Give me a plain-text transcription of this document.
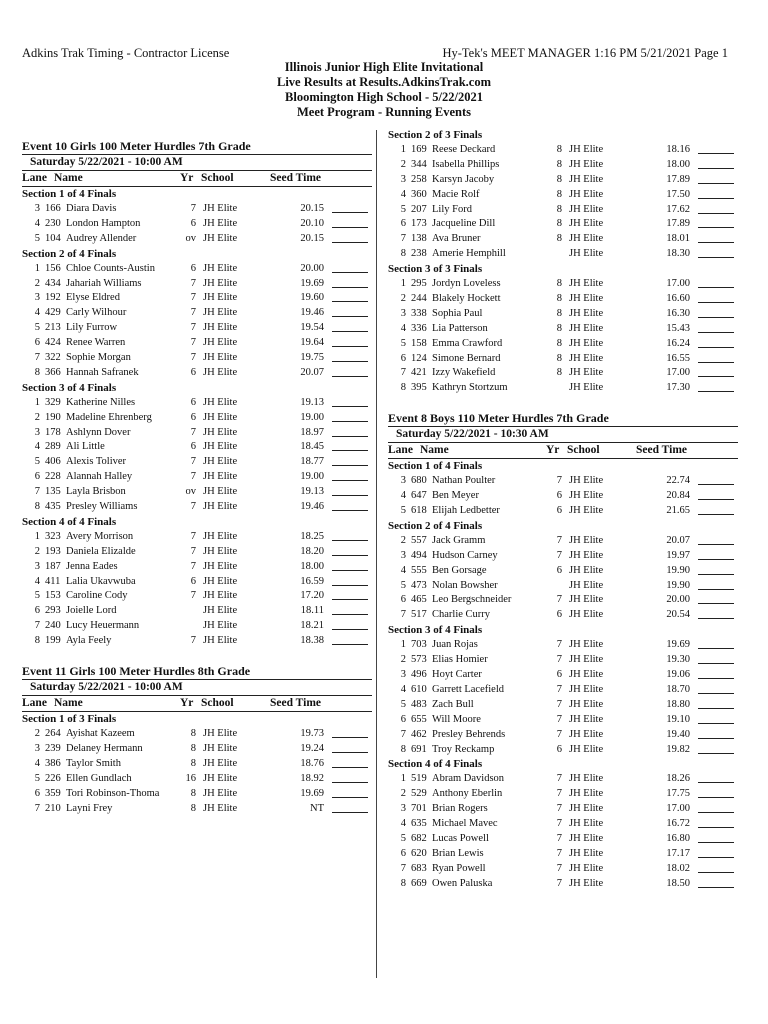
Adkins Trak Timing - Contractor License	Hy-Tek's MEET MANAGER 1:16 PM 5/21/2021 Page 1
Illinois Junior High Elite Invitational
Live Results at Results.AdkinsTrak.com
Bloomington High School - 5/22/2021
Meet Program - Running Events
Event 10 Girls 100 Meter Hurdles 7th Grade
Saturday 5/22/2021 - 10:00 AM
Lane Name	Yr School	Seed Time
Section 1 of 4 Finals
3 166 Diara Davis	7 JH Elite	20.15
4 230 London Hampton	6 JH Elite	20.10
5 104 Audrey Allender	ov JH Elite	20.15
Section 2 of 4 Finals
1 156 Chloe Counts-Austin	6 JH Elite	20.00
2 434 Jahariah Williams	7 JH Elite	19.69
3 192 Elyse Eldred	7 JH Elite	19.60
4 429 Carly Wilhour	7 JH Elite	19.46
5 213 Lily Furrow	7 JH Elite	19.54
6 424 Renee Warren	7 JH Elite	19.64
7 322 Sophie Morgan	7 JH Elite	19.75
8 366 Hannah Safranek	6 JH Elite	20.07
Section 3 of 4 Finals
1 329 Katherine Nilles	6 JH Elite	19.13
2 190 Madeline Ehrenberg	6 JH Elite	19.00
3 178 Ashlynn Dover	7 JH Elite	18.97
4 289 Ali Little	6 JH Elite	18.45
5 406 Alexis Toliver	7 JH Elite	18.77
6 228 Alannah Halley	7 JH Elite	19.00
7 135 Layla Brisbon	ov JH Elite	19.13
8 435 Presley Williams	7 JH Elite	19.46
Section 4 of 4 Finals
1 323 Avery Morrison	7 JH Elite	18.25
2 193 Daniela Elizalde	7 JH Elite	18.20
3 187 Jenna Eades	7 JH Elite	18.00
4 411 Lalia Ukavwuba	6 JH Elite	16.59
5 153 Caroline Cody	7 JH Elite	17.20
6 293 Joielle Lord	JH Elite	18.11
7 240 Lucy Heuermann	JH Elite	18.21
8 199 Ayla Feely	7 JH Elite	18.38
Event 11 Girls 100 Meter Hurdles 8th Grade
Saturday 5/22/2021 - 10:00 AM
Lane Name	Yr School	Seed Time
Section 1 of 3 Finals
2 264 Ayishat Kazeem	8 JH Elite	19.73
3 239 Delaney Hermann	8 JH Elite	19.24
4 386 Taylor Smith	8 JH Elite	18.76
5 226 Ellen Gundlach	16 JH Elite	18.92
6 359 Tori Robinson-Thoma	8 JH Elite	19.69
7 210 Layni Frey	8 JH Elite	NT
Section 2 of 3 Finals
1 169 Reese Deckard	8 JH Elite	18.16
2 344 Isabella Phillips	8 JH Elite	18.00
3 258 Karsyn Jacoby	8 JH Elite	17.89
4 360 Macie Rolf	8 JH Elite	17.50
5 207 Lily Ford	8 JH Elite	17.62
6 173 Jacqueline Dill	8 JH Elite	17.89
7 138 Ava Bruner	8 JH Elite	18.01
8 238 Amerie Hemphill	JH Elite	18.30
Section 3 of 3 Finals
1 295 Jordyn Loveless	8 JH Elite	17.00
2 244 Blakely Hockett	8 JH Elite	16.60
3 338 Sophia Paul	8 JH Elite	16.30
4 336 Lia Patterson	8 JH Elite	15.43
5 158 Emma Crawford	8 JH Elite	16.24
6 124 Simone Bernard	8 JH Elite	16.55
7 421 Izzy Wakefield	8 JH Elite	17.00
8 395 Kathryn Stortzum	JH Elite	17.30
Event 8 Boys 110 Meter Hurdles 7th Grade
Saturday 5/22/2021 - 10:30 AM
Lane Name	Yr School	Seed Time
Section 1 of 4 Finals
3 680 Nathan Poulter	7 JH Elite	22.74
4 647 Ben Meyer	6 JH Elite	20.84
5 618 Elijah Ledbetter	6 JH Elite	21.65
Section 2 of 4 Finals
2 557 Jack Gramm	7 JH Elite	20.07
3 494 Hudson Carney	7 JH Elite	19.97
4 555 Ben Gorsage	6 JH Elite	19.90
5 473 Nolan Bowsher	JH Elite	19.90
6 465 Leo Bergschneider	7 JH Elite	20.00
7 517 Charlie Curry	6 JH Elite	20.54
Section 3 of 4 Finals
1 703 Juan Rojas	7 JH Elite	19.69
2 573 Elias Homier	7 JH Elite	19.30
3 496 Hoyt Carter	6 JH Elite	19.06
4 610 Garrett Lacefield	7 JH Elite	18.70
5 483 Zach Bull	7 JH Elite	18.80
6 655 Will Moore	7 JH Elite	19.10
7 462 Presley Behrends	7 JH Elite	19.40
8 691 Troy Reckamp	6 JH Elite	19.82
Section 4 of 4 Finals
1 519 Abram Davidson	7 JH Elite	18.26
2 529 Anthony Eberlin	7 JH Elite	17.75
3 701 Brian Rogers	7 JH Elite	17.00
4 635 Michael Mavec	7 JH Elite	16.72
5 682 Lucas Powell	7 JH Elite	16.80
6 620 Brian Lewis	7 JH Elite	17.17
7 683 Ryan Powell	7 JH Elite	18.02
8 669 Owen Paluska	7 JH Elite	18.50
